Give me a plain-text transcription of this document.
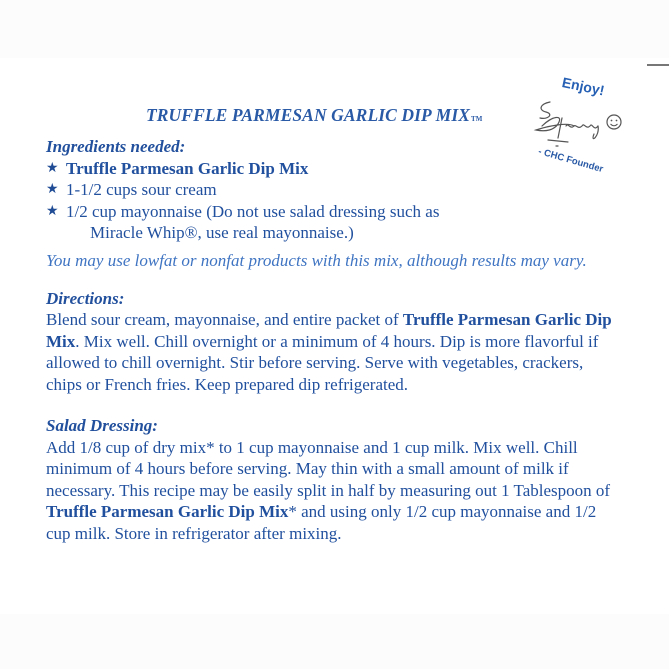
TRUFFLE PARMESAN GARLIC DIP MIXTM
Enjoy!
- CHC Founder

Ingredients needed:

★ Truffle Parmesan Garlic Dip Mix
★ 1-1/2 cups sour cream
★ 1/2 cup mayonnaise (Do not use salad dressing such as
Miracle Whip®, use real mayonnaise.)

You may use lowfat or nonfat products with this mix, although results may vary.

Directions:

Blend sour cream, mayonnaise, and entire packet of Truffle Parmesan Garlic Dip Mix. Mix well. Chill overnight or a minimum of 4 hours. Dip is more flavorful if allowed to chill overnight. Stir before serving. Serve with vegetables, crackers, chips or French fries. Keep prepared dip refrigerated.

Salad Dressing:

Add 1/8 cup of dry mix* to 1 cup mayonnaise and 1 cup milk. Mix well. Chill minimum of 4 hours before serving. May thin with a small amount of milk if necessary. This recipe may be easily split in half by measuring out 1 Tablespoon of Truffle Parmesan Garlic Dip Mix* and using only 1/2 cup mayonnaise and 1/2 cup milk. Store in refrigerator after mixing.
